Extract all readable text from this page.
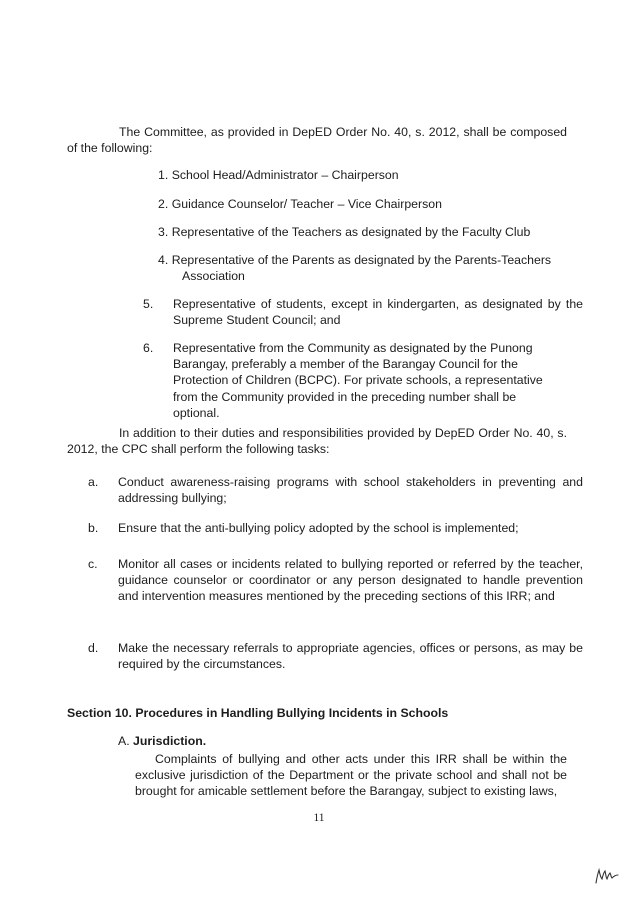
The Committee, as provided in DepED Order No. 40, s. 2012, shall be composed of the following:
1. School Head/Administrator – Chairperson
2. Guidance Counselor/ Teacher – Vice Chairperson
3. Representative of the Teachers as designated by the Faculty Club
4. Representative of the Parents as designated by the Parents-Teachers
Association
5. Representative of students, except in kindergarten, as designated by the Supreme Student Council; and
6. Representative from the Community as designated by the Punong Barangay, preferably a member of the Barangay Council for the Protection of Children (BCPC). For private schools, a representative from the Community provided in the preceding number shall be optional.
In addition to their duties and responsibilities provided by DepED Order No. 40, s. 2012, the CPC shall perform the following tasks:
a. Conduct awareness-raising programs with school stakeholders in preventing and addressing bullying;
b. Ensure that the anti-bullying policy adopted by the school is implemented;
c. Monitor all cases or incidents related to bullying reported or referred by the teacher, guidance counselor or coordinator or any person designated to handle prevention and intervention measures mentioned by the preceding sections of this IRR; and
d. Make the necessary referrals to appropriate agencies, offices or persons, as may be required by the circumstances.
Section 10. Procedures in Handling Bullying Incidents in Schools
A. Jurisdiction.
Complaints of bullying and other acts under this IRR shall be within the exclusive jurisdiction of the Department or the private school and shall not be brought for amicable settlement before the Barangay, subject to existing laws,
11
